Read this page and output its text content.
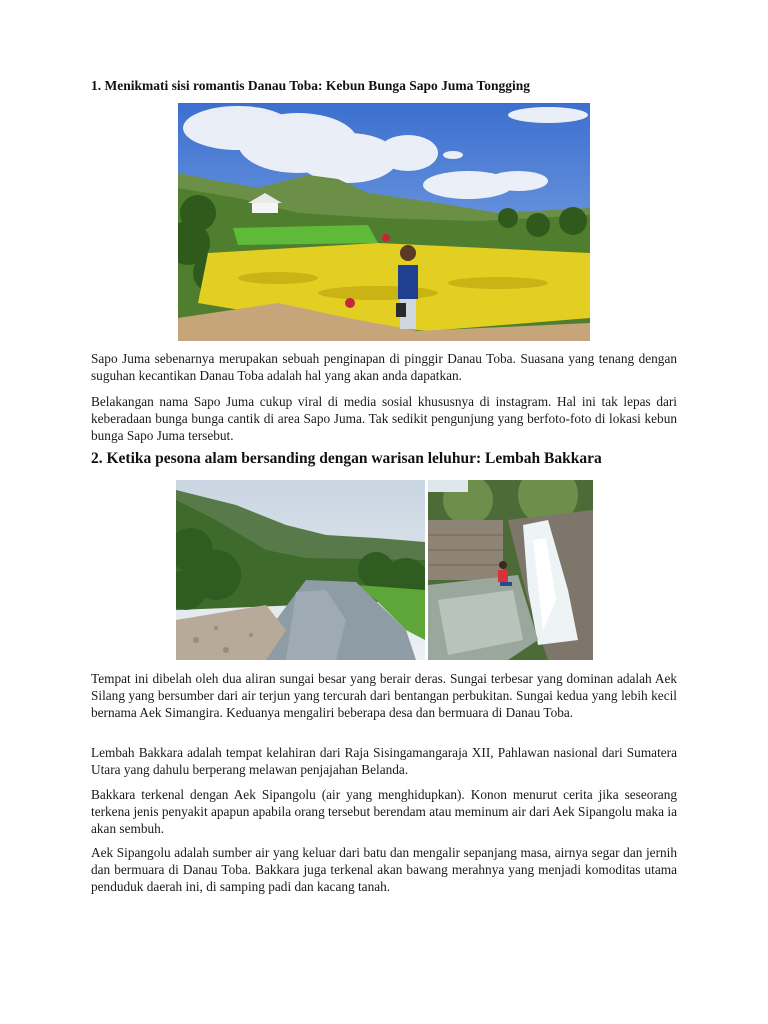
1. Menikmati sisi romantis Danau Toba: Kebun Bunga Sapo Juma Tongging

Sapo Juma sebenarnya merupakan sebuah penginapan di pinggir Danau Toba. Suasana yang tenang dengan suguhan kecantikan Danau Toba adalah hal yang akan anda dapatkan.

Belakangan nama Sapo Juma cukup viral di media sosial khususnya di instagram. Hal ini tak lepas dari keberadaan bunga bunga cantik di area Sapo Juma. Tak sedikit pengunjung yang berfoto-foto di lokasi kebun bunga Sapo Juma tersebut.

2. Ketika pesona alam bersanding dengan warisan leluhur: Lembah Bakkara

Tempat ini dibelah oleh dua aliran sungai besar yang berair deras. Sungai terbesar yang dominan adalah Aek Silang yang bersumber dari air terjun yang tercurah dari bentangan perbukitan. Sungai kedua yang lebih kecil bernama Aek Simangira. Keduanya mengaliri beberapa desa dan bermuara di Danau Toba.

Lembah Bakkara adalah tempat kelahiran dari Raja Sisingamangaraja XII, Pahlawan nasional dari Sumatera Utara yang dahulu berperang melawan penjajahan Belanda.

Bakkara terkenal dengan Aek Sipangolu (air yang menghidupkan). Konon menurut cerita jika seseorang terkena jenis penyakit apapun apabila orang tersebut berendam atau meminum air dari Aek Sipangolu maka ia akan sembuh.

Aek Sipangolu adalah sumber air yang keluar dari batu dan mengalir sepanjang masa, airnya segar dan jernih dan bermuara di Danau Toba. Bakkara juga terkenal akan bawang merahnya yang menjadi komoditas utama penduduk daerah ini, di samping padi dan kacang tanah.
